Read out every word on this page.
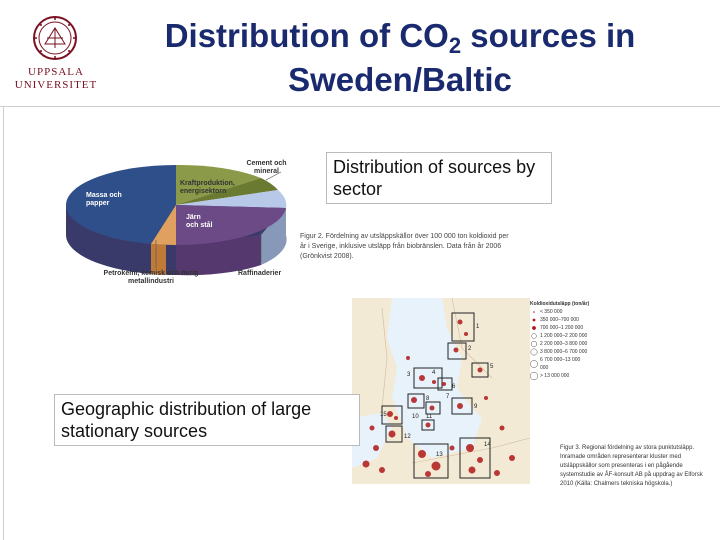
UPPSALA
UNIVERSITET
Distribution of $CO_2$ sources in
Sweden/Baltic
Massa och papper
Kraftproduktion, energisektorn
Cement och mineral
Järn och stål
Petrokemi, kemisk och övrig metallindustri
Raffinaderier
Figur 2. Fördelning av utsläppskällor över 100 000 ton koldioxid per år i Sverige, inklusive utsläpp från biobränslen. Data från år 2006 (Grönkvist 2008).
Distribution of sources by sector
1
2
3	4
5
6
7
8
9
10 11
12
13
14
15
Koldioxidutsläpp (ton/år)
< 350 000
350 000–700 000
700 000–1 200 000
1 200 000–2 200 000
2 200 000–3 800 000
3 800 000–6 700 000
6 700 000–13 000 000
> 13 000 000
Figur 3. Regional fördelning av stora punktutsläpp. Inramade områden representerar kluster med utsläppskällor som presenteras i en pågående systemstudie av ÅF-konsult AB på uppdrag av Elforsk 2010 (Källa: Chalmers tekniska högskola.)
Geographic distribution of large stationary sources
